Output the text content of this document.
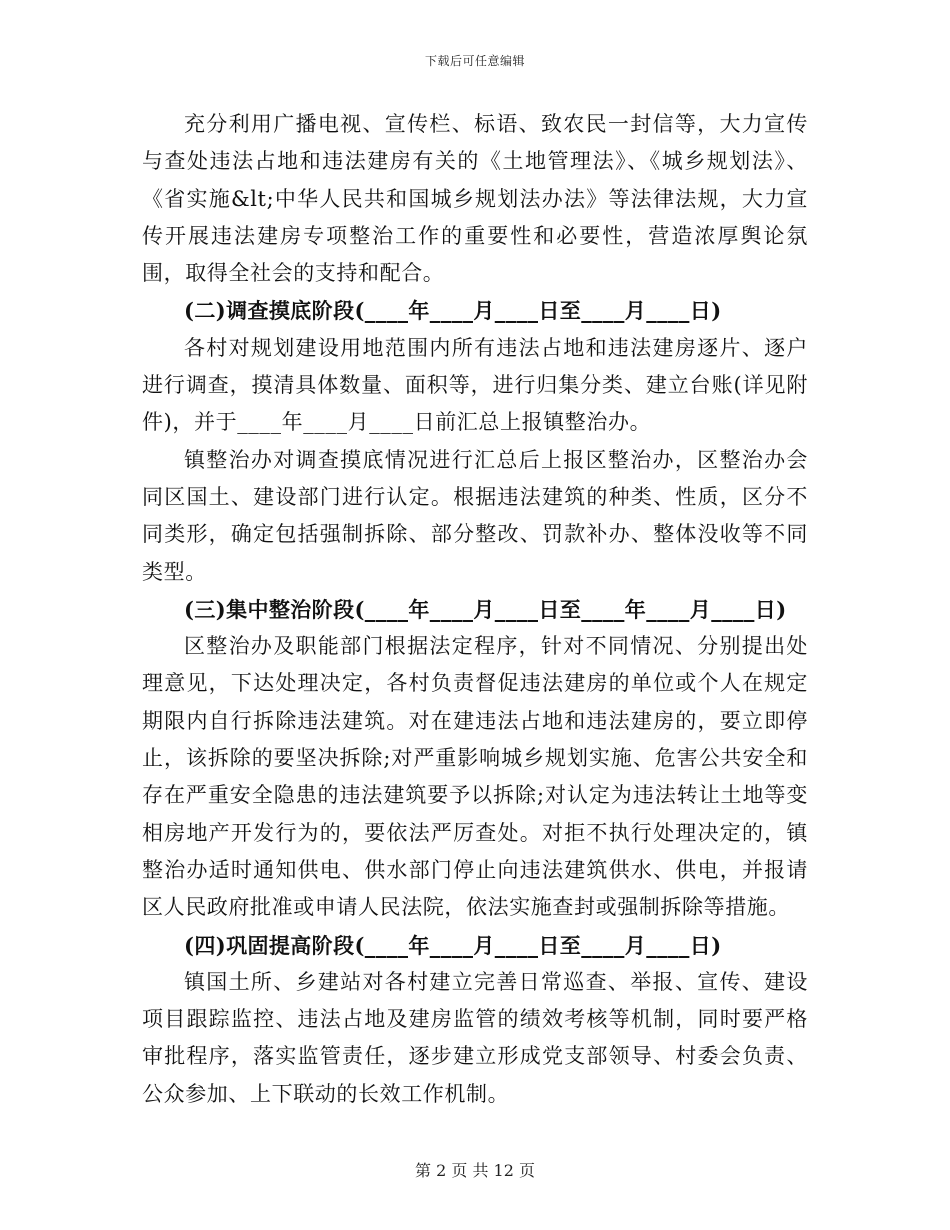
下载后可任意编辑

充分利用广播电视、宣传栏、标语、致农民一封信等，大力宣传与查处违法占地和违法建房有关的《土地管理法》、《城乡规划法》、《省实施&lt;中华人民共和国城乡规划法办法》等法律法规，大力宣传开展违法建房专项整治工作的重要性和必要性，营造浓厚舆论氛围，取得全社会的支持和配合。

(二)调查摸底阶段(____年____月____日至____月____日)

各村对规划建设用地范围内所有违法占地和违法建房逐片、逐户进行调查，摸清具体数量、面积等，进行归集分类、建立台账(详见附件)，并于____年____月____日前汇总上报镇整治办。

镇整治办对调查摸底情况进行汇总后上报区整治办，区整治办会同区国土、建设部门进行认定。根据违法建筑的种类、性质，区分不同类形，确定包括强制拆除、部分整改、罚款补办、整体没收等不同类型。

(三)集中整治阶段(____年____月____日至____年____月____日)

区整治办及职能部门根据法定程序，针对不同情况、分别提出处理意见，下达处理决定，各村负责督促违法建房的单位或个人在规定期限内自行拆除违法建筑。对在建违法占地和违法建房的，要立即停止，该拆除的要坚决拆除;对严重影响城乡规划实施、危害公共安全和存在严重安全隐患的违法建筑要予以拆除;对认定为违法转让土地等变相房地产开发行为的，要依法严厉查处。对拒不执行处理决定的，镇整治办适时通知供电、供水部门停止向违法建筑供水、供电，并报请区人民政府批准或申请人民法院，依法实施查封或强制拆除等措施。

(四)巩固提高阶段(____年____月____日至____月____日)

镇国土所、乡建站对各村建立完善日常巡查、举报、宣传、建设项目跟踪监控、违法占地及建房监管的绩效考核等机制，同时要严格审批程序，落实监管责任，逐步建立形成党支部领导、村委会负责、公众参加、上下联动的长效工作机制。

第 2 页 共 12 页
